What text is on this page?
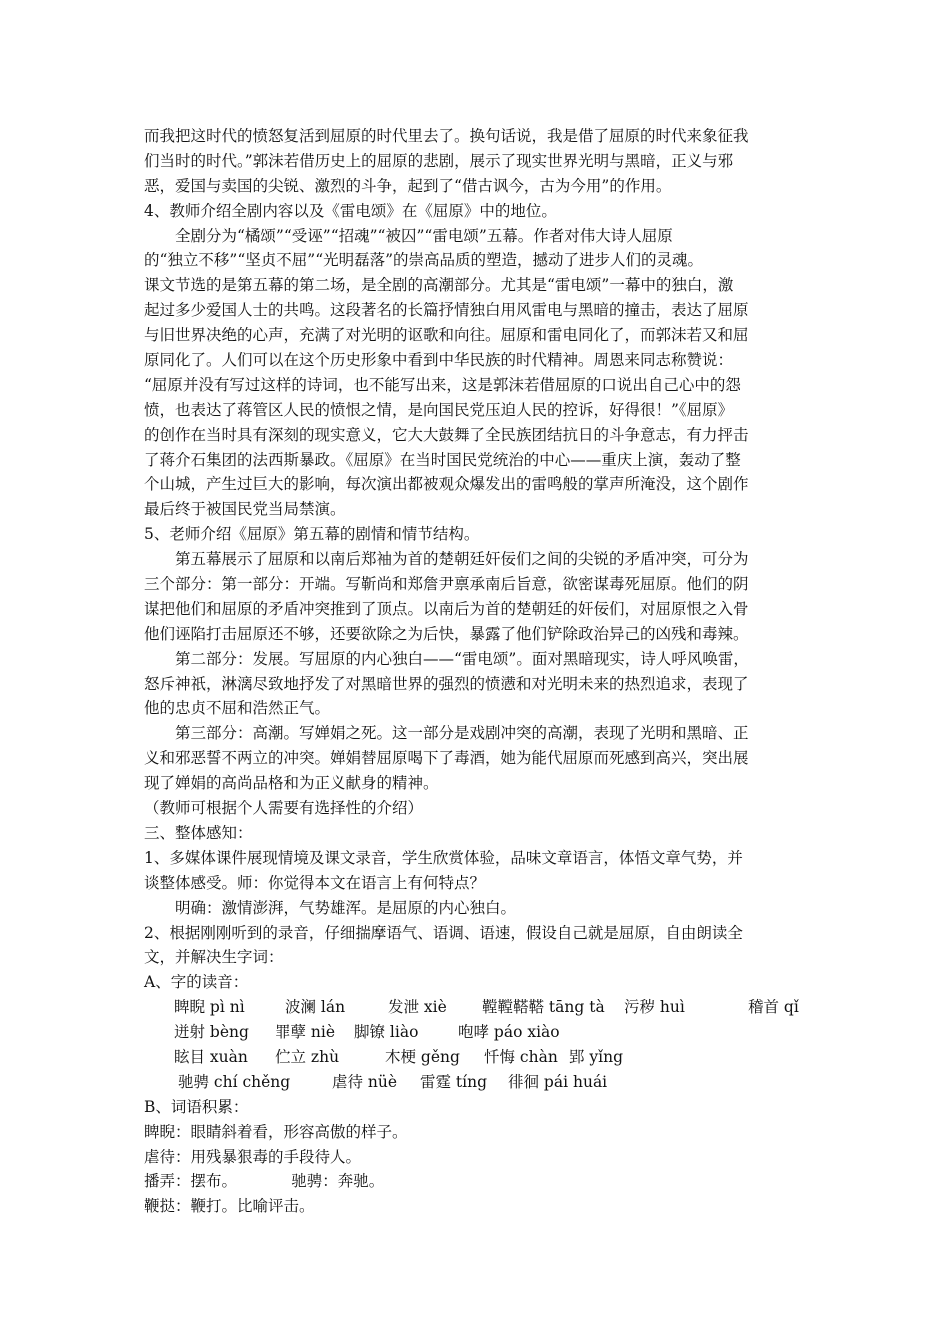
而我把这时代的愤怒复活到屈原的时代里去了。换句话说，我是借了屈原的时代来象征我
们当时的时代。”郭沫若借历史上的屈原的悲剧，展示了现实世界光明与黑暗，正义与邪
恶，爱国与卖国的尖锐、激烈的斗争，起到了“借古讽今，古为今用”的作用。
4、教师介绍全剧内容以及《雷电颂》在《屈原》中的地位。
　　全剧分为“橘颂”“受诬”“招魂”“被囚”“雷电颂”五幕。作者对伟大诗人屈原
的“独立不移”“坚贞不屈”“光明磊落”的崇高品质的塑造，撼动了进步人们的灵魂。
课文节选的是第五幕的第二场，是全剧的高潮部分。尤其是“雷电颂”一幕中的独白，激
起过多少爱国人士的共鸣。这段著名的长篇抒情独白用风雷电与黑暗的撞击，表达了屈原
与旧世界决绝的心声，充满了对光明的讴歌和向往。屈原和雷电同化了，而郭沫若又和屈
原同化了。人们可以在这个历史形象中看到中华民族的时代精神。周恩来同志称赞说：
“屈原并没有写过这样的诗词，也不能写出来，这是郭沫若借屈原的口说出自己心中的怨
愤，也表达了蒋管区人民的愤恨之情，是向国民党压迫人民的控诉，好得很！”《屈原》
的创作在当时具有深刻的现实意义，它大大鼓舞了全民族团结抗日的斗争意志，有力抨击
了蒋介石集团的法西斯暴政。《屈原》在当时国民党统治的中心——重庆上演，轰动了整
个山城，产生过巨大的影响，每次演出都被观众爆发出的雷鸣般的掌声所淹没，这个剧作
最后终于被国民党当局禁演。
5、老师介绍《屈原》第五幕的剧情和情节结构。
　　第五幕展示了屈原和以南后郑袖为首的楚朝廷奸佞们之间的尖锐的矛盾冲突，可分为
三个部分：第一部分：开端。写靳尚和郑詹尹禀承南后旨意，欲密谋毒死屈原。他们的阴
谋把他们和屈原的矛盾冲突推到了顶点。以南后为首的楚朝廷的奸佞们，对屈原恨之入骨
他们诬陷打击屈原还不够，还要欲除之为后快，暴露了他们铲除政治异己的凶残和毒辣。
　　第二部分：发展。写屈原的内心独白——“雷电颂”。面对黑暗现实，诗人呼风唤雷，
怒斥神祇，淋漓尽致地抒发了对黑暗世界的强烈的愤懑和对光明未来的热烈追求，表现了
他的忠贞不屈和浩然正气。
　　第三部分：高潮。写婵娟之死。这一部分是戏剧冲突的高潮，表现了光明和黑暗、正
义和邪恶誓不两立的冲突。婵娟替屈原喝下了毒酒，她为能代屈原而死感到高兴，突出展
现了婵娟的高尚品格和为正义献身的精神。
（教师可根据个人需要有选择性的介绍）
三、整体感知：
1、多媒体课件展现情境及课文录音，学生欣赏体验，品味文章语言，体悟文章气势，并
谈整体感受。师：你觉得本文在语言上有何特点？
　　明确：激情澎湃，气势雄浑。是屈原的内心独白。
2、根据刚刚听到的录音，仔细揣摩语气、语调、语速，假设自己就是屈原，自由朗读全
文，并解决生字词：
A、字的读音：
睥睨 pì nì	波澜 lán	发泄 xiè 鞺鞺鞳鞳 tāng tà 污秽 huì	稽首 qǐ
迸射 bèng 罪孽 niè 脚镣 liào	咆哮 páo xiào
眩目 xuàn 伫立 zhù	木梗 gěng 忏悔 chàn 郢 yǐng
驰骋 chí chěng	虐待 nüè 雷霆 tíng 徘徊 pái huái
B、词语积累：
睥睨：眼睛斜着看，形容高傲的样子。
虐待：用残暴狠毒的手段待人。
播弄：摆布。　　　　驰骋：奔驰。
鞭挞：鞭打。比喻评击。
